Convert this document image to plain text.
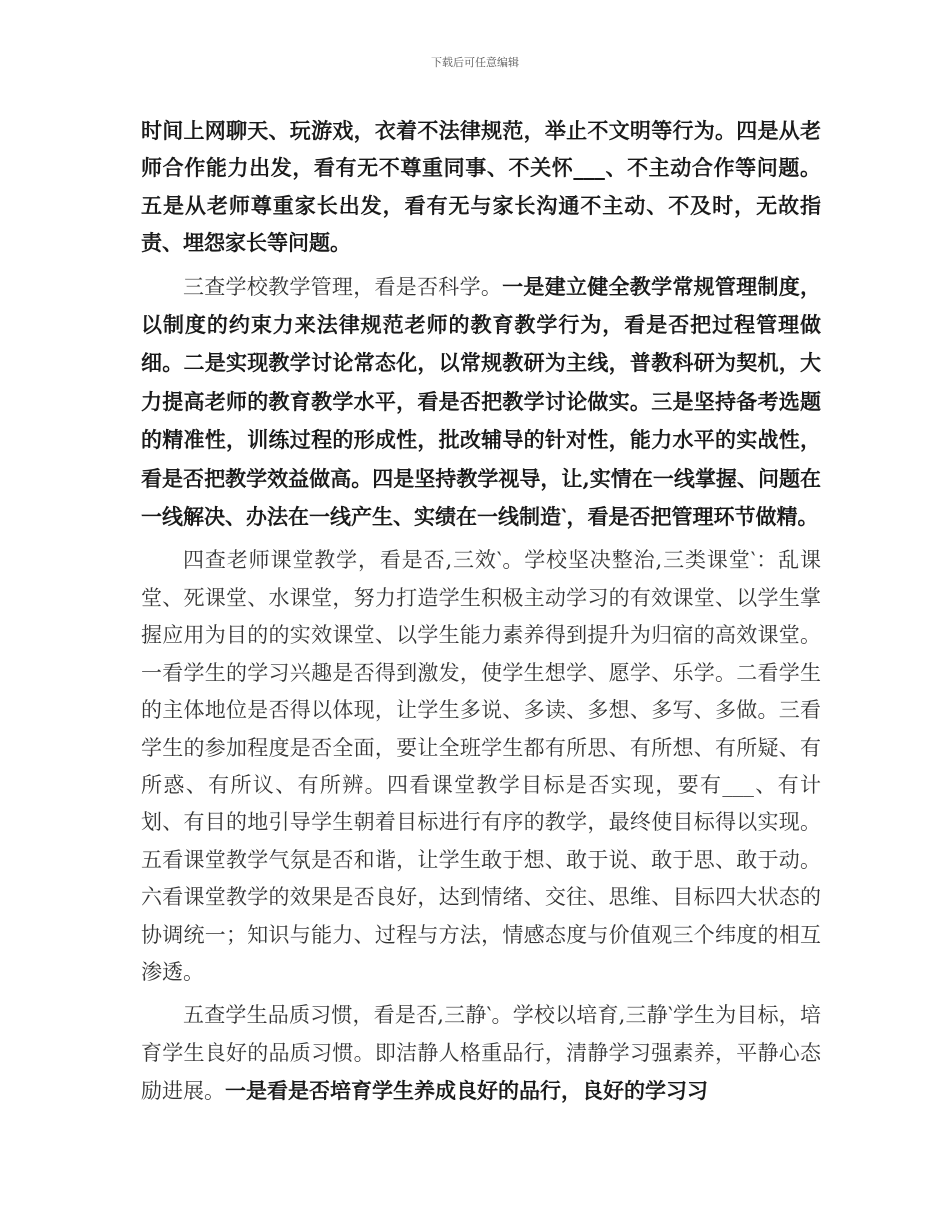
下载后可任意编辑

时间上网聊天、玩游戏，衣着不法律规范，举止不文明等行为。四是从老师合作能力出发，看有无不尊重同事、不关怀___、不主动合作等问题。五是从老师尊重家长出发，看有无与家长沟通不主动、不及时，无故指责、埋怨家长等问题。

三查学校教学管理，看是否科学。一是建立健全教学常规管理制度，以制度的约束力来法律规范老师的教育教学行为，看是否把过程管理做细。二是实现教学讨论常态化，以常规教研为主线，普教科研为契机，大力提高老师的教育教学水平，看是否把教学讨论做实。三是坚持备考选题的精准性，训练过程的形成性，批改辅导的针对性，能力水平的实战性，看是否把教学效益做高。四是坚持教学视导，让,实情在一线掌握、问题在一线解决、办法在一线产生、实绩在一线制造‵，看是否把管理环节做精。

四查老师课堂教学，看是否,三效‵。学校坚决整治,三类课堂‵：乱课堂、死课堂、水课堂，努力打造学生积极主动学习的有效课堂、以学生掌握应用为目的的实效课堂、以学生能力素养得到提升为归宿的高效课堂。一看学生的学习兴趣是否得到激发，使学生想学、愿学、乐学。二看学生的主体地位是否得以体现，让学生多说、多读、多想、多写、多做。三看学生的参加程度是否全面，要让全班学生都有所思、有所想、有所疑、有所惑、有所议、有所辨。四看课堂教学目标是否实现，要有___、有计划、有目的地引导学生朝着目标进行有序的教学，最终使目标得以实现。五看课堂教学气氛是否和谐，让学生敢于想、敢于说、敢于思、敢于动。六看课堂教学的效果是否良好，达到情绪、交往、思维、目标四大状态的协调统一；知识与能力、过程与方法，情感态度与价值观三个纬度的相互渗透。

五查学生品质习惯，看是否,三静‵。学校以培育,三静‵学生为目标，培育学生良好的品质习惯。即洁静人格重品行，清静学习强素养，平静心态励进展。一是看是否培育学生养成良好的品行，良好的学习习
